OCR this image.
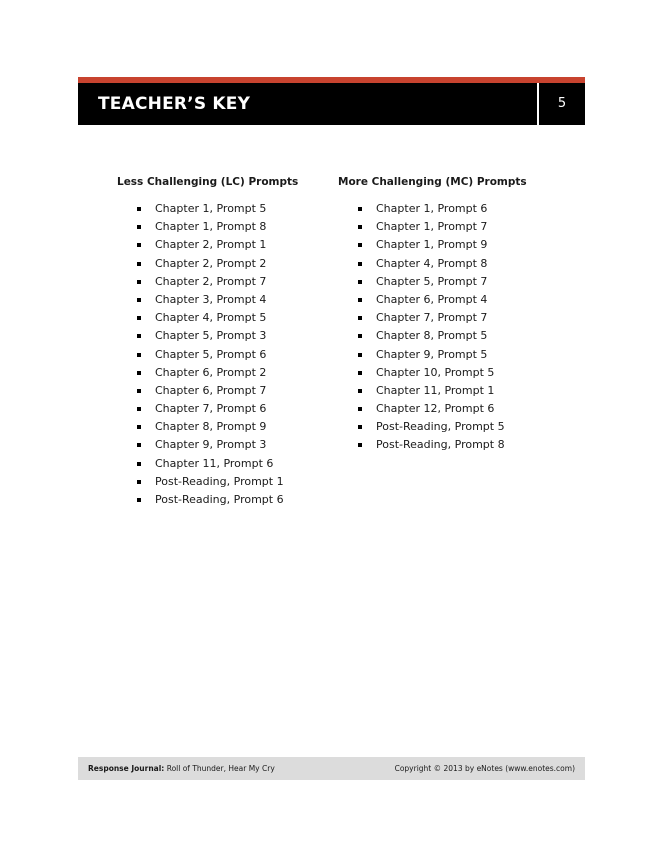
TEACHER’S KEY	5
Less Challenging (LC) Prompts
Chapter 1, Prompt 5
Chapter 1, Prompt 8
Chapter 2, Prompt 1
Chapter 2, Prompt 2
Chapter 2, Prompt 7
Chapter 3, Prompt 4
Chapter 4, Prompt 5
Chapter 5, Prompt 3
Chapter 5, Prompt 6
Chapter 6, Prompt 2
Chapter 6, Prompt 7
Chapter 7, Prompt 6
Chapter 8, Prompt 9
Chapter 9, Prompt 3
Chapter 11, Prompt 6
Post-Reading, Prompt 1
Post-Reading, Prompt 6
More Challenging (MC) Prompts
Chapter 1, Prompt 6
Chapter 1, Prompt 7
Chapter 1, Prompt 9
Chapter 4, Prompt 8
Chapter 5, Prompt 7
Chapter 6, Prompt 4
Chapter 7, Prompt 7
Chapter 8, Prompt 5
Chapter 9, Prompt 5
Chapter 10, Prompt 5
Chapter 11, Prompt 1
Chapter 12, Prompt 6
Post-Reading, Prompt 5
Post-Reading, Prompt 8
Response Journal: Roll of Thunder, Hear My Cry	Copyright © 2013 by eNotes (www.enotes.com)
